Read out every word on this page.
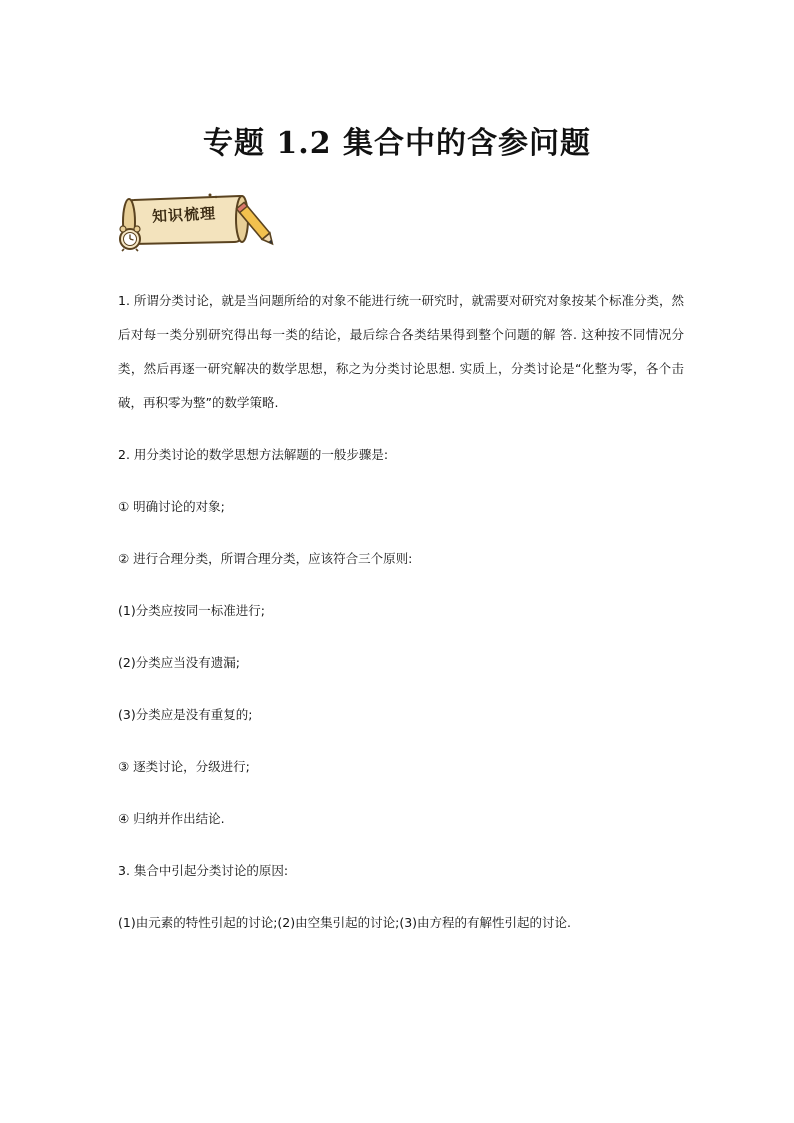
专题 1.2 集合中的含参问题
知识梳理

1. 所谓分类讨论，就是当问题所给的对象不能进行统一研究时，就需要对研究对象按某个标准分类，然后对每一类分别研究得出每一类的结论，最后综合各类结果得到整个问题的解 答. 这种按不同情况分类，然后再逐一研究解决的数学思想，称之为分类讨论思想. 实质上，分类讨论是“化整为零，各个击破，再积零为整”的数学策略.

2. 用分类讨论的数学思想方法解题的一般步骤是:

① 明确讨论的对象;

② 进行合理分类，所谓合理分类，应该符合三个原则:

(1)分类应按同一标准进行;

(2)分类应当没有遗漏;

(3)分类应是没有重复的;

③ 逐类讨论，分级进行;

④ 归纳并作出结论.

3. 集合中引起分类讨论的原因:

(1)由元素的特性引起的讨论;(2)由空集引起的讨论;(3)由方程的有解性引起的讨论.
